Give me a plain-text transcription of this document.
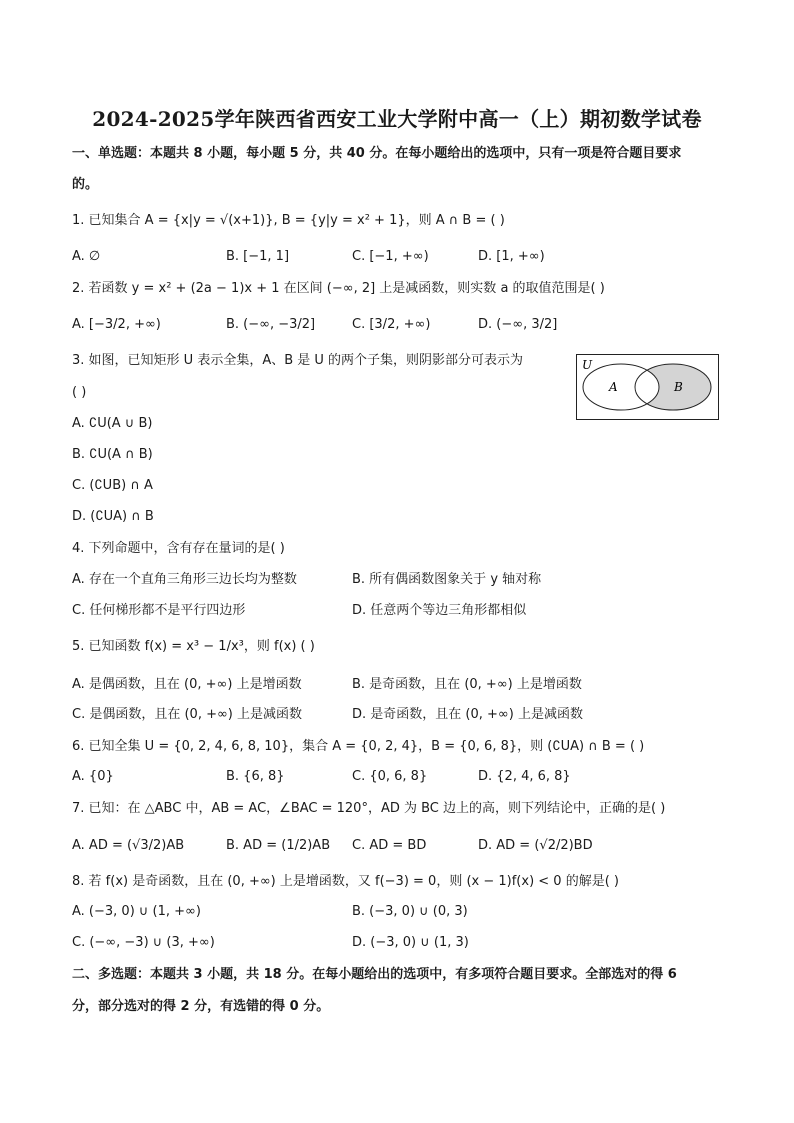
2024-2025学年陕西省西安工业大学附中高一（上）期初数学试卷
一、单选题：本题共 8 小题，每小题 5 分，共 40 分。在每小题给出的选项中，只有一项是符合题目要求
的。
1. 已知集合 A = {x|y = √(x+1)}, B = {y|y = x² + 1}，则 A ∩ B = ( )
A. ∅	B. [−1, 1]	C. [−1, +∞)	D. [1, +∞)
2. 若函数 y = x² + (2a − 1)x + 1 在区间 (−∞, 2] 上是减函数，则实数 a 的取值范围是( )
A. [−3/2, +∞)	B. (−∞, −3/2]	C. [3/2, +∞)	D. (−∞, 3/2]
3. 如图，已知矩形 U 表示全集，A、B 是 U 的两个子集，则阴影部分可表示为
( )
A. ∁U(A ∪ B)
B. ∁U(A ∩ B)
C. (∁UB) ∩ A
D. (∁UA) ∩ B
U
A	B
4. 下列命题中，含有存在量词的是( )
A. 存在一个直角三角形三边长均为整数	B. 所有偶函数图象关于 y 轴对称
C. 任何梯形都不是平行四边形	D. 任意两个等边三角形都相似
5. 已知函数 f(x) = x³ − 1/x³，则 f(x) ( )
A. 是偶函数，且在 (0, +∞) 上是增函数	B. 是奇函数，且在 (0, +∞) 上是增函数
C. 是偶函数，且在 (0, +∞) 上是减函数	D. 是奇函数，且在 (0, +∞) 上是减函数
6. 已知全集 U = {0, 2, 4, 6, 8, 10}，集合 A = {0, 2, 4}，B = {0, 6, 8}，则 (∁UA) ∩ B = ( )
A. {0}	B. {6, 8}	C. {0, 6, 8}	D. {2, 4, 6, 8}
7. 已知：在 △ABC 中，AB = AC，∠BAC = 120°，AD 为 BC 边上的高，则下列结论中，正确的是( )
A. AD = (√3/2)AB	B. AD = (1/2)AB C. AD = BD	D. AD = (√2/2)BD
8. 若 f(x) 是奇函数，且在 (0, +∞) 上是增函数，又 f(−3) = 0，则 (x − 1)f(x) < 0 的解是( )
A. (−3, 0) ∪ (1, +∞)	B. (−3, 0) ∪ (0, 3)
C. (−∞, −3) ∪ (3, +∞)	D. (−3, 0) ∪ (1, 3)
二、多选题：本题共 3 小题，共 18 分。在每小题给出的选项中，有多项符合题目要求。全部选对的得 6
分，部分选对的得 2 分，有选错的得 0 分。
